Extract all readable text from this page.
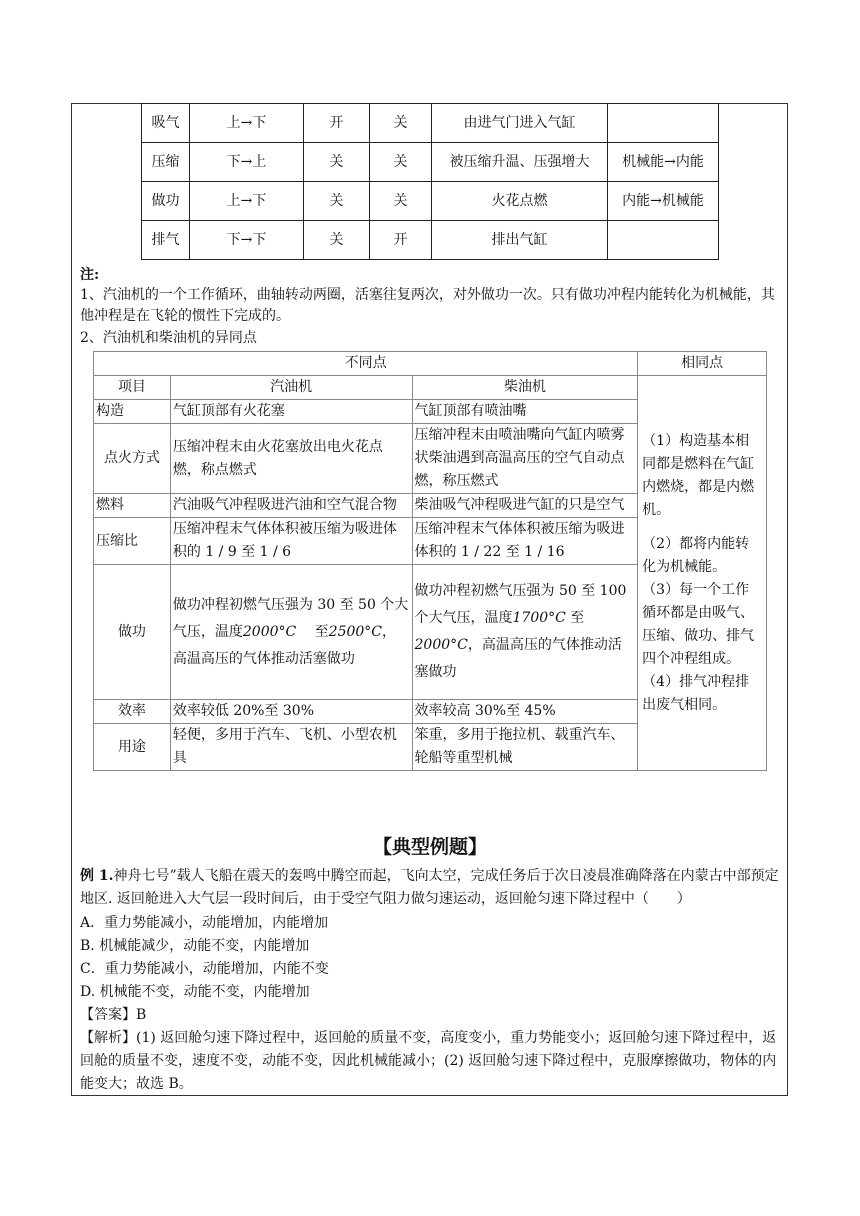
吸气	上→下	开	关	由进气门进入气缸	
压缩	下→上	关	关	被压缩升温、压强增大	机械能→内能
做功	上→下	关	关	火花点燃	内能→机械能
排气	下→下	关	开	排出气缸	
注:
1、汽油机的一个工作循环，曲轴转动两圈，活塞往复两次，对外做功一次。只有做功冲程内能转化为机械能，其他冲程是在飞轮的惯性下完成的。
2、汽油机和柴油机的异同点
不同点			相同点
项目	汽油机	柴油机	（1）构造基本相同都是燃料在气缸内燃烧，都是内燃机。
（2）都将内能转化为机械能。
（3）每一个工作循环都是由吸气、压缩、做功、排气四个冲程组成。
（4）排气冲程排出废气相同。

构造	气缸顶部有火花塞	气缸顶部有喷油嘴	
点火方式	压缩冲程末由火花塞放出电火花点燃，称点燃式	压缩冲程末由喷油嘴向气缸内喷雾状柴油遇到高温高压的空气自动点燃，称压燃式	
燃料	汽油吸气冲程吸进汽油和空气混合物	柴油吸气冲程吸进气缸的只是空气	
压缩比	压缩冲程末气体体积被压缩为吸进体积的 1 / 9 至 1 / 6	压缩冲程末气体体积被压缩为吸进体积的 1 / 22 至 1 / 16	
做功	做功冲程初燃气压强为 30 至 50 个大气压，温度2000°C　 至2500°C，高温高压的气体推动活塞做功	做功冲程初燃气压强为 50 至 100 个大气压，温度1700°C 至 2000°C，高温高压的气体推动活塞做功	
效率	效率较低 20%至 30%	效率较高 30%至 45%	
用途	轻便，多用于汽车、飞机、小型农机具	笨重，多用于拖拉机、载重汽车、轮船等重型机械	
【典型例题】
例 1.神舟七号”载人飞船在震天的轰鸣中腾空而起，飞向太空，完成任务后于次日凌晨准确降落在内蒙古中部预定地区. 返回舱进入大气层一段时间后，由于受空气阻力做匀速运动，返回舱匀速下降过程中（　　）
A．重力势能减小，动能增加，内能增加
B. 机械能减少，动能不变，内能增加
C．重力势能减小，动能增加，内能不变
D. 机械能不变，动能不变，内能增加
【答案】B
【解析】(1) 返回舱匀速下降过程中，返回舱的质量不变，高度变小，重力势能变小；返回舱匀速下降过程中，返回舱的质量不变，速度不变，动能不变，因此机械能减小；(2) 返回舱匀速下降过程中，克服摩擦做功，物体的内能变大；故选 B。
